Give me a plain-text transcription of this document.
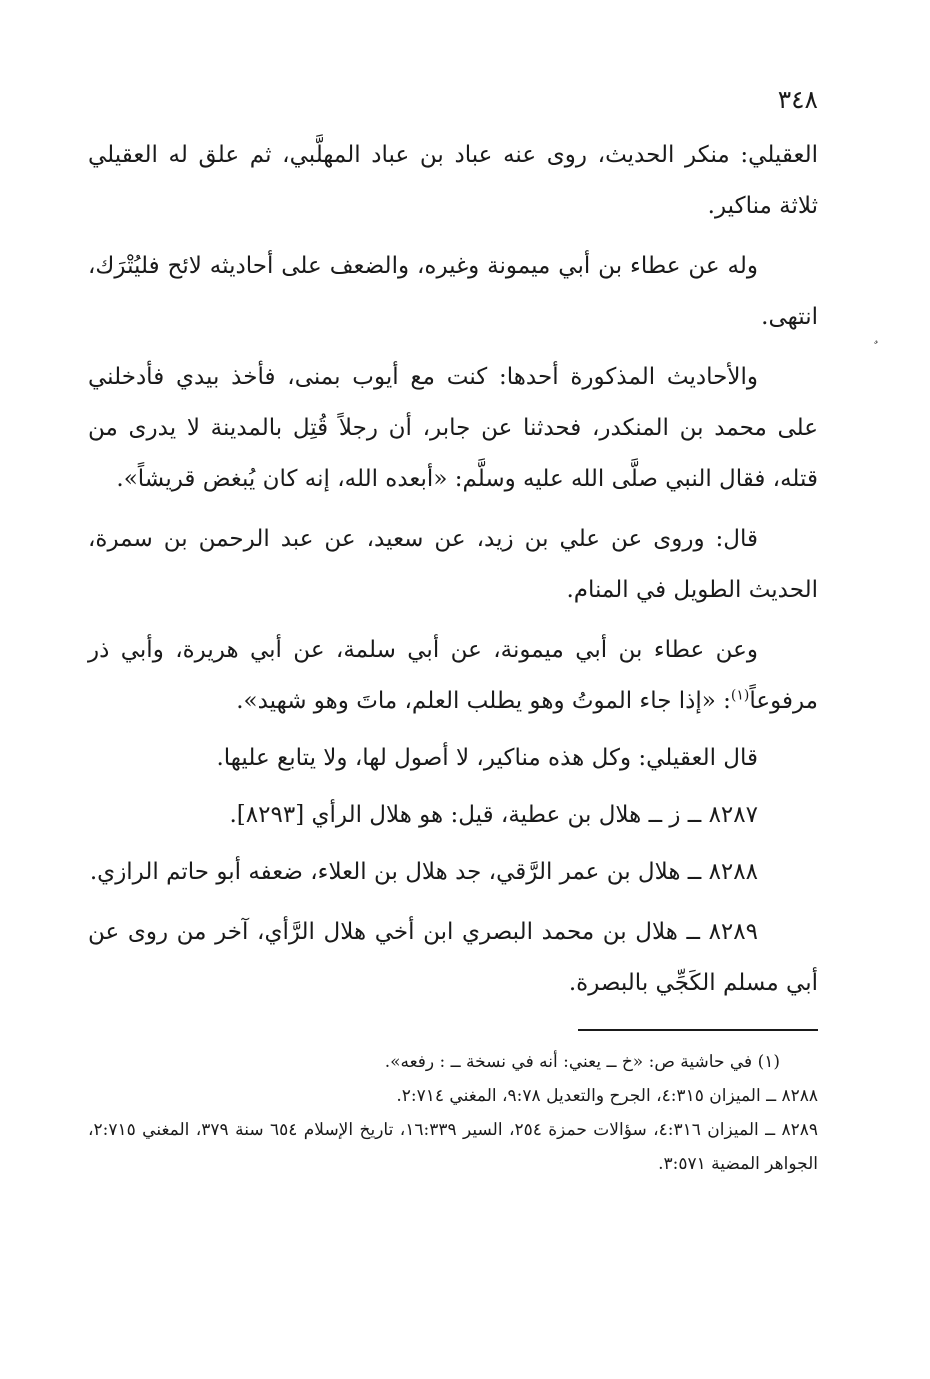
٣٤٨

العقيلي: منكر الحديث، روى عنه عباد بن عباد المهلَّبي، ثم علق له العقيلي ثلاثة مناكير.

وله عن عطاء بن أبي ميمونة وغيره، والضعف على أحاديثه لائح فليُتْرَك، انتهى.

والأحاديث المذكورة أحدها: كنت مع أيوب بمنى، فأخذ بيدي فأدخلني على محمد بن المنكدر، فحدثنا عن جابر، أن رجلاً قُتِل بالمدينة لا يدرى من قتله، فقال النبي صلَّى الله عليه وسلَّم: «أبعده الله، إنه كان يُبغض قريشاً».

قال: وروى عن علي بن زيد، عن سعيد، عن عبد الرحمن بن سمرة، الحديث الطويل في المنام.

وعن عطاء بن أبي ميمونة، عن أبي سلمة، عن أبي هريرة، وأبي ذر مرفوعاً$^{(١)}$: «إذا جاء الموتُ وهو يطلب العلم، ماتَ وهو شهيد».

قال العقيلي: وكل هذه مناكير، لا أصول لها، ولا يتابع عليها.

٨٢٨٧ ــ ز ــ هلال بن عطية، قيل: هو هلال الرأي [٨٢٩٣].

٨٢٨٨ ــ هلال بن عمر الرَّقي، جد هلال بن العلاء، ضعفه أبو حاتم الرازي.

٨٢٨٩ ــ هلال بن محمد البصري ابن أخي هلال الرَّأي، آخر من روى عن أبي مسلم الكَجِّي بالبصرة.

(١) في حاشية ص: «خ ــ يعني: أنه في نسخة ــ : رفعه».

٨٢٨٨ ــ الميزان ٤:٣١٥، الجرح والتعديل ٩:٧٨، المغني ٢:٧١٤.

٨٢٨٩ ــ الميزان ٤:٣١٦، سؤالات حمزة ٢٥٤، السير ١٦:٣٣٩، تاريخ الإسلام ٦٥٤ سنة ٣٧٩، المغني ٢:٧١٥، الجواهر المضية ٣:٥٧١.
